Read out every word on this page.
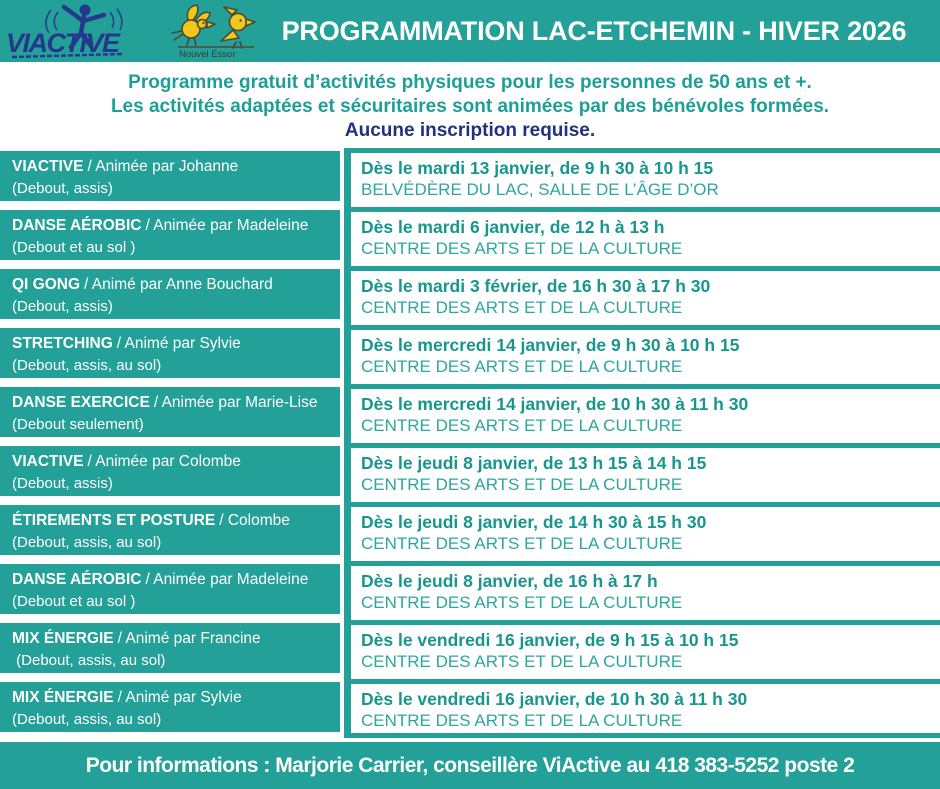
VIACTIVE	Nouvel Essor
PROGRAMMATION LAC-ETCHEMIN - HIVER 2026
Programme gratuit d’activités physiques pour les personnes de 50 ans et +.
Les activités adaptées et sécuritaires sont animées par des bénévoles formées.
Aucune inscription requise.
VIACTIVE / Animée par Johanne
(Debout, assis)
Dès le mardi 13 janvier, de 9 h 30 à 10 h 15
BELVÉDÈRE DU LAC, SALLE DE L’ÂGE D’OR
DANSE AÉROBIC / Animée par Madeleine
(Debout et au sol )
Dès le mardi 6 janvier, de 12 h à 13 h
CENTRE DES ARTS ET DE LA CULTURE
QI GONG / Animé par Anne Bouchard
(Debout, assis)
Dès le mardi 3 février, de 16 h 30 à 17 h 30
CENTRE DES ARTS ET DE LA CULTURE
STRETCHING / Animé par Sylvie
(Debout, assis, au sol)
Dès le mercredi 14 janvier, de 9 h 30 à 10 h 15
CENTRE DES ARTS ET DE LA CULTURE
DANSE EXERCICE / Animée par Marie-Lise
(Debout seulement)
Dès le mercredi 14 janvier, de 10 h 30 à 11 h 30
CENTRE DES ARTS ET DE LA CULTURE
VIACTIVE / Animée par Colombe
(Debout, assis)
Dès le jeudi 8 janvier, de 13 h 15 à 14 h 15
CENTRE DES ARTS ET DE LA CULTURE
ÉTIREMENTS ET POSTURE / Colombe
(Debout, assis, au sol)
Dès le jeudi 8 janvier, de 14 h 30 à 15 h 30
CENTRE DES ARTS ET DE LA CULTURE
DANSE AÉROBIC / Animée par Madeleine
(Debout et au sol )
Dès le jeudi 8 janvier, de 16 h à 17 h
CENTRE DES ARTS ET DE LA CULTURE
MIX ÉNERGIE / Animé par Francine
(Debout, assis, au sol)
Dès le vendredi 16 janvier, de 9 h 15 à 10 h 15
CENTRE DES ARTS ET DE LA CULTURE
MIX ÉNERGIE / Animé par Sylvie
(Debout, assis, au sol)
Dès le vendredi 16 janvier, de 10 h 30 à 11 h 30
CENTRE DES ARTS ET DE LA CULTURE
Pour informations : Marjorie Carrier, conseillère ViActive au 418 383-5252 poste 2
